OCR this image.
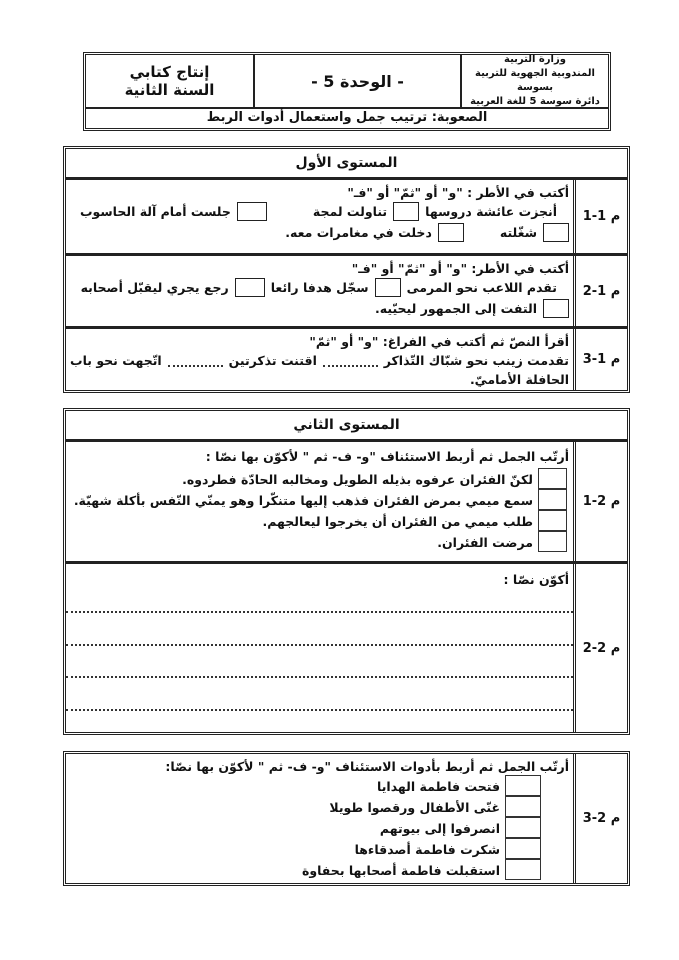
وزارة التربية
المندوبية الجهوية للتربية بسوسة
دائرة سوسة 5 للغة العربية
- الوحدة 5 -
إنتاج كتابي
السنة الثانية
الصعوبة: ترتيب جمل واستعمال أدوات الربط
المستوى الأول
م 1-1
أكتب في الأطر : "و" أو "ثمّ" أو "فـ"
أنجزت عائشة دروسها
تناولت لمجة
جلست أمام آلة الحاسوب
شغّلته
دخلت في مغامرات معه.
م 1-2
أكتب في الأطر: "و" أو "ثمّ" أو "فـ"
تقدم اللاعب نحو المرمى
سجّل هدفا رائعا
رجع يجري ليقبّل أصحابه
التفت إلى الجمهور ليحيّيه.
م 1-3
أقرأ النصّ ثم أكتب في الفراغ: "و" أو "ثمّ"
تقدمت زينب نحو شبّاك التّذاكر
اقتنت تذكرتين
اتّجهت نحو باب
الحافلة الأماميّ.
المستوى الثاني
م 2-1
أرتّب الجمل ثم أربط الاستئناف "و- ف- ثم " لأكوّن بها نصّا :
لكنّ الفئران عرفوه بذيله الطويل ومخالبه الحادّة فطردوه.
سمع ميمي بمرض الفئران فذهب إليها متنكّرا وهو يمنّي النّفس بأكلة شهيّة.
طلب ميمي من الفئران أن يخرجوا ليعالجهم.
مرضت الفئران.
م 2-2
أكوّن نصّا :
م 2-3
أرتّب الجمل ثم أربط بأدوات الاستئناف "و- ف- ثم " لأكوّن بها نصّا:
فتحت فاطمة الهدايا
غنّى الأطفال ورقصوا طويلا
انصرفوا إلى بيوتهم
شكرت فاطمة أصدقاءها
استقبلت فاطمة أصحابها بحفاوة
